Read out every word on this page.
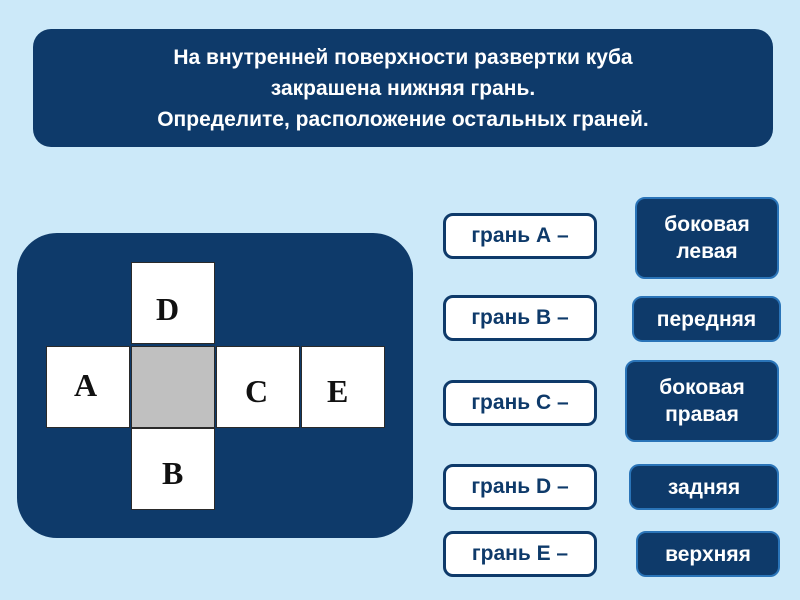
На внутренней поверхности развертки куба
закрашена нижняя грань.
Определите, расположение остальных граней.
D
A	C E
B
грань А –
грань В –
грань С –
грань D –
грань E –
боковая
левая
передняя
боковая
правая
задняя
верхняя
